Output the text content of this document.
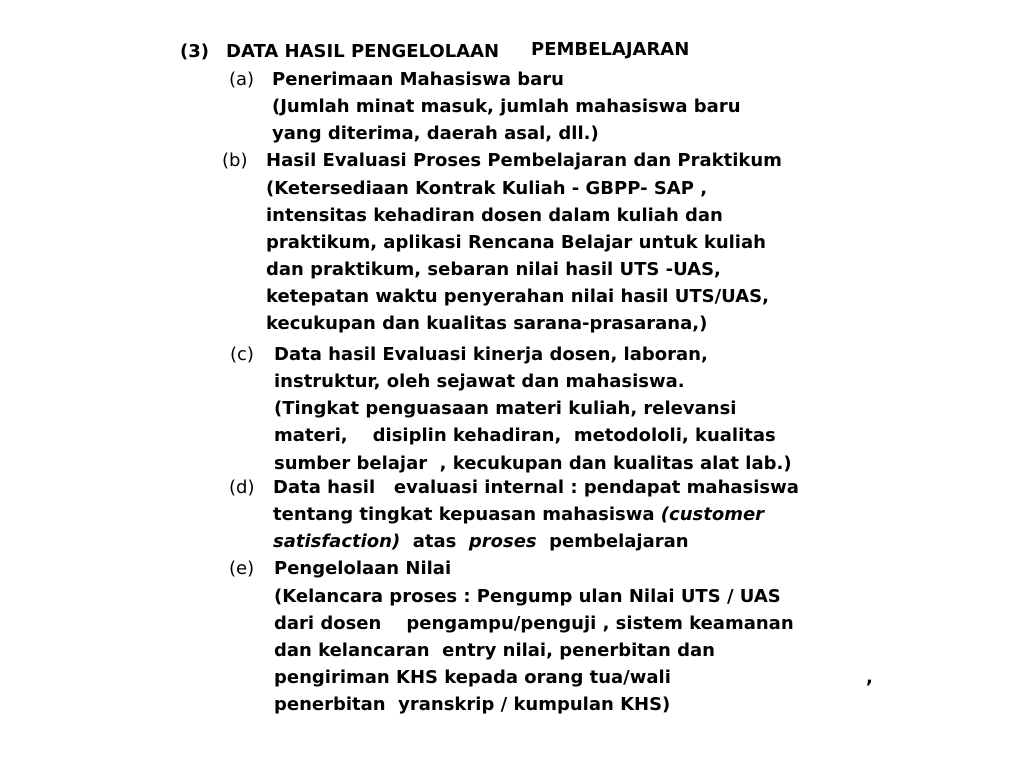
(3) DATA HASIL PENGELOLAAN PEMBELAJARAN
(a) Penerimaan Mahasiswa baru
(Jumlah minat masuk, jumlah mahasiswa baru
yang diterima, daerah asal, dll.)
(b) Hasil Evaluasi Proses Pembelajaran dan Praktikum
(Ketersediaan Kontrak Kuliah - GBPP- SAP ,
intensitas kehadiran dosen dalam kuliah dan
praktikum, aplikasi Rencana Belajar untuk kuliah
dan praktikum, sebaran nilai hasil UTS -UAS,
ketepatan waktu penyerahan nilai hasil UTS/UAS,
kecukupan dan kualitas sarana-prasarana,)
(c) Data hasil Evaluasi kinerja dosen, laboran,
instruktur, oleh sejawat dan mahasiswa.
(Tingkat penguasaan materi kuliah, relevansi
materi,    disiplin kehadiran,  metodololi, kualitas
sumber belajar  , kecukupan dan kualitas alat lab.)
(d) Data hasil   evaluasi internal : pendapat mahasiswa
tentang tingkat kepuasan mahasiswa (customer
satisfaction)  atas  proses  pembelajaran
(e) Pengelolaan Nilai
(Kelancara proses : Pengump ulan Nilai UTS / UAS
dari dosen    pengampu/penguji , sistem keamanan
dan kelancaran  entry nilai, penerbitan dan
pengiriman KHS kepada orang tua/wali	,
penerbitan  yranskrip / kumpulan KHS)
